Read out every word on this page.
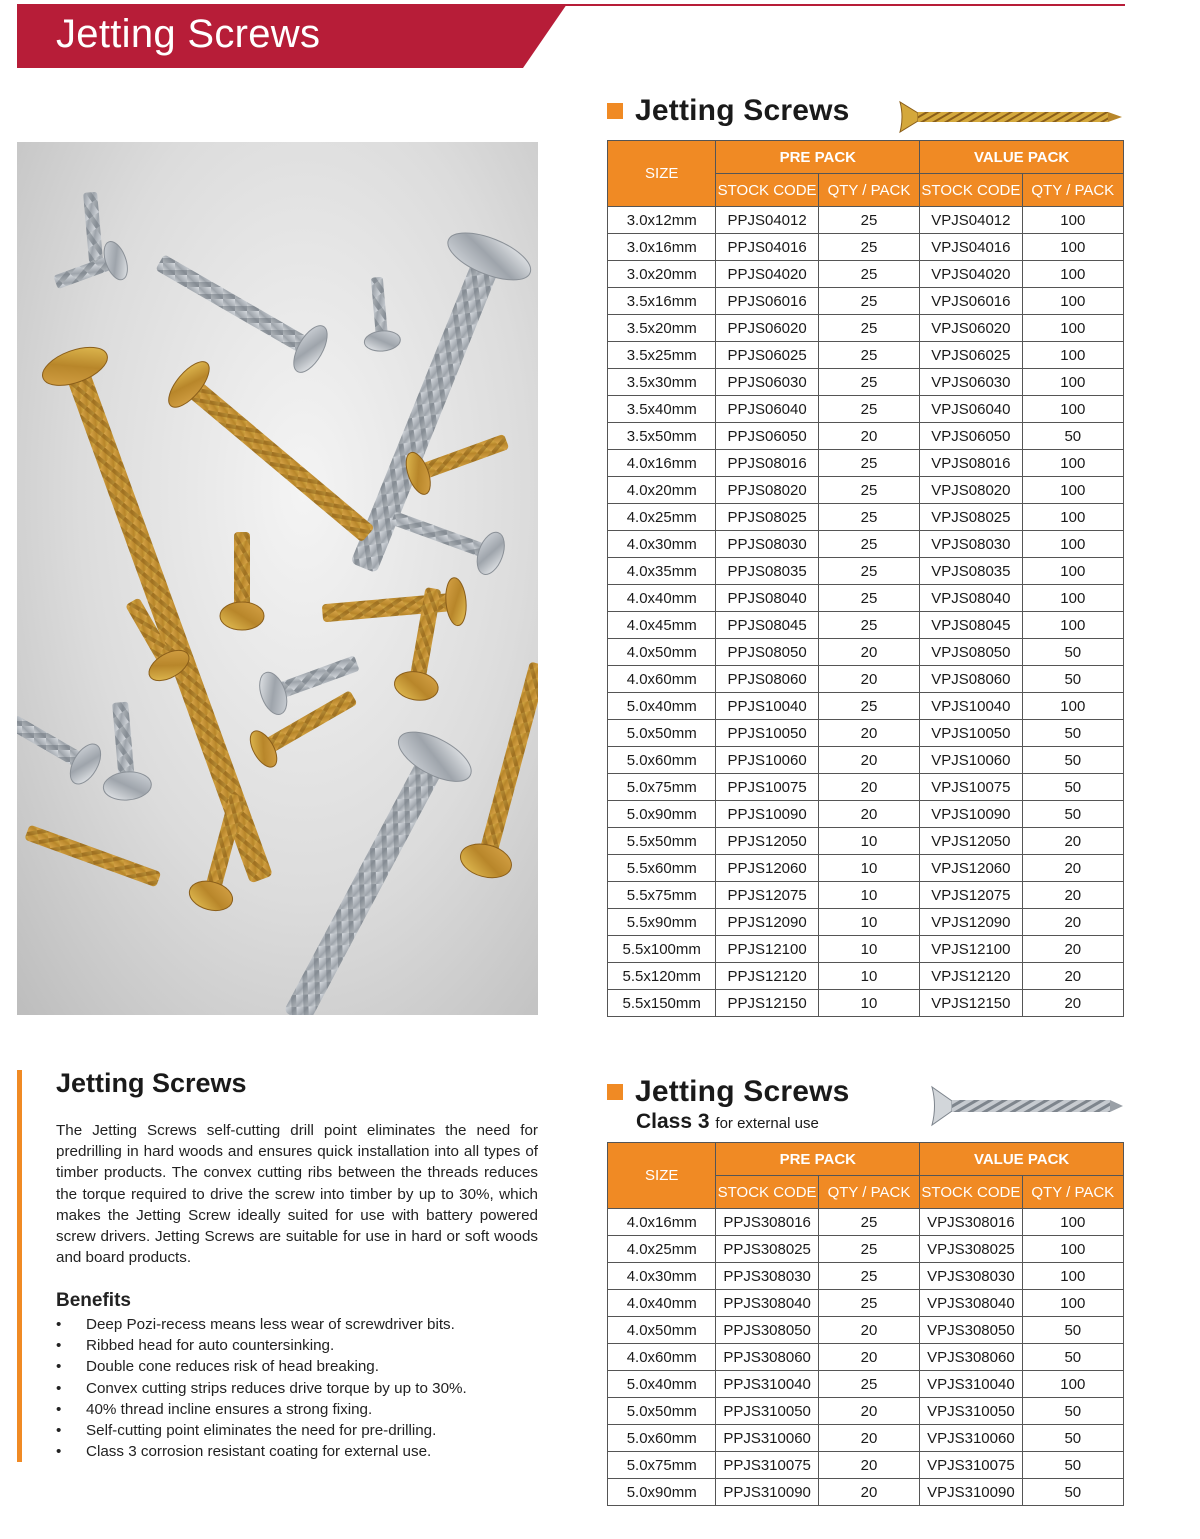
Jetting Screws
Jetting Screws
SIZE	PRE PACK		VALUE PACK	
	STOCK CODE	QTY / PACK	STOCK CODE	QTY / PACK
3.0x12mm	PPJS04012	25	VPJS04012	100
3.0x16mm	PPJS04016	25	VPJS04016	100
3.0x20mm	PPJS04020	25	VPJS04020	100
3.5x16mm	PPJS06016	25	VPJS06016	100
3.5x20mm	PPJS06020	25	VPJS06020	100
3.5x25mm	PPJS06025	25	VPJS06025	100
3.5x30mm	PPJS06030	25	VPJS06030	100
3.5x40mm	PPJS06040	25	VPJS06040	100
3.5x50mm	PPJS06050	20	VPJS06050	50
4.0x16mm	PPJS08016	25	VPJS08016	100
4.0x20mm	PPJS08020	25	VPJS08020	100
4.0x25mm	PPJS08025	25	VPJS08025	100
4.0x30mm	PPJS08030	25	VPJS08030	100
4.0x35mm	PPJS08035	25	VPJS08035	100
4.0x40mm	PPJS08040	25	VPJS08040	100
4.0x45mm	PPJS08045	25	VPJS08045	100
4.0x50mm	PPJS08050	20	VPJS08050	50
4.0x60mm	PPJS08060	20	VPJS08060	50
5.0x40mm	PPJS10040	25	VPJS10040	100
5.0x50mm	PPJS10050	20	VPJS10050	50
5.0x60mm	PPJS10060	20	VPJS10060	50
5.0x75mm	PPJS10075	20	VPJS10075	50
5.0x90mm	PPJS10090	20	VPJS10090	50
5.5x50mm	PPJS12050	10	VPJS12050	20
5.5x60mm	PPJS12060	10	VPJS12060	20
5.5x75mm	PPJS12075	10	VPJS12075	20
5.5x90mm	PPJS12090	10	VPJS12090	20
5.5x100mm	PPJS12100	10	VPJS12100	20
5.5x120mm	PPJS12120	10	VPJS12120	20
5.5x150mm	PPJS12150	10	VPJS12150	20
Jetting Screws

The Jetting Screws self-cutting drill point eliminates the need for predrilling in hard woods and ensures quick installation into all types of timber products. The convex cutting ribs between the threads reduces the torque required to drive the screw into timber by up to 30%, which makes the Jetting Screw ideally suited for use with battery powered screw drivers. Jetting Screws are suitable for use in hard or soft woods and board products.

Benefits
•	Deep Pozi-recess means less wear of screwdriver bits.
•	Ribbed head for auto countersinking.
•	Double cone reduces risk of head breaking.
•	Convex cutting strips reduces drive torque by up to 30%.
•	40% thread incline ensures a strong fixing.
•	Self-cutting point eliminates the need for pre-drilling.
•	Class 3 corrosion resistant coating for external use.
Jetting Screws
Class 3 for external use
SIZE	PRE PACK		VALUE PACK	
	STOCK CODE	QTY / PACK	STOCK CODE	QTY / PACK
4.0x16mm	PPJS308016	25	VPJS308016	100
4.0x25mm	PPJS308025	25	VPJS308025	100
4.0x30mm	PPJS308030	25	VPJS308030	100
4.0x40mm	PPJS308040	25	VPJS308040	100
4.0x50mm	PPJS308050	20	VPJS308050	50
4.0x60mm	PPJS308060	20	VPJS308060	50
5.0x40mm	PPJS310040	25	VPJS310040	100
5.0x50mm	PPJS310050	20	VPJS310050	50
5.0x60mm	PPJS310060	20	VPJS310060	50
5.0x75mm	PPJS310075	20	VPJS310075	50
5.0x90mm	PPJS310090	20	VPJS310090	50
